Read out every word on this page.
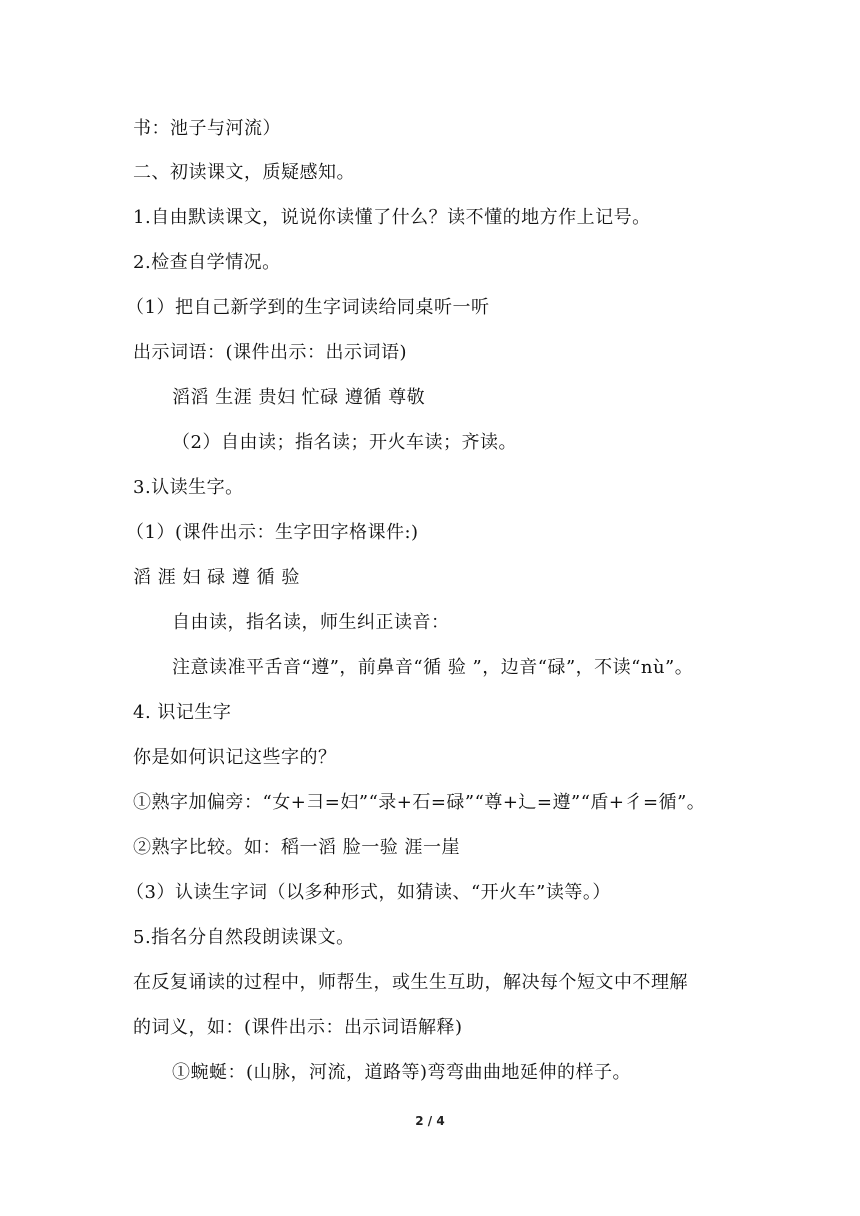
书：池子与河流）
二、初读课文，质疑感知。
1.自由默读课文，说说你读懂了什么？读不懂的地方作上记号。
2.检查自学情况。
（1）把自己新学到的生字词读给同桌听一听
出示词语：(课件出示：出示词语)
滔滔 生涯 贵妇 忙碌 遵循 尊敬
（2）自由读；指名读；开火车读；齐读。
3.认读生字。
（1）(课件出示：生字田字格课件:)
滔 涯 妇 碌 遵 循 验
自由读，指名读，师生纠正读音：
注意读准平舌音“遵”，前鼻音“循 验 ”，边音“碌”，不读“nù”。
4. 识记生字
你是如何识记这些字的？
①熟字加偏旁：“女+彐=妇”“录+石=碌”“尊+辶=遵”“盾+彳=循”。
②熟字比较。如：稻一滔 脸一验 涯一崖
（3）认读生字词（以多种形式，如猜读、“开火车”读等。）
5.指名分自然段朗读课文。
在反复诵读的过程中，师帮生，或生生互助，解决每个短文中不理解
的词义，如：(课件出示：出示词语解释)
①蜿蜒：(山脉，河流，道路等)弯弯曲曲地延伸的样子。
2 / 4
